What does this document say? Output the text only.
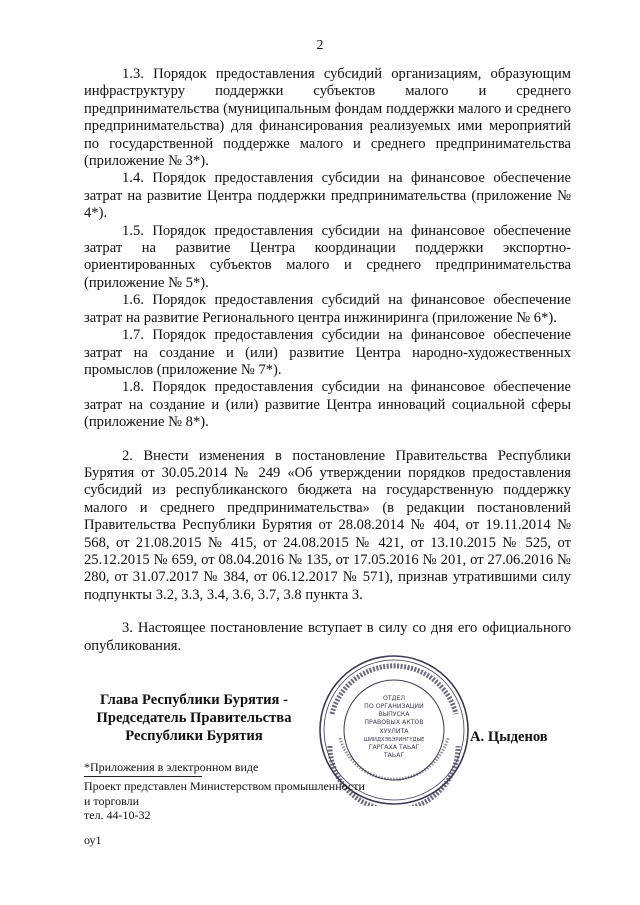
2

1.3. Порядок предоставления субсидий организациям, образующим инфраструктуру поддержки субъектов малого и среднего предпринимательства (муниципальным фондам поддержки малого и среднего предпринимательства) для финансирования реализуемых ими мероприятий по государственной поддержке малого и среднего предпринимательства (приложение № 3*).

1.4. Порядок предоставления субсидии на финансовое обеспечение затрат на развитие Центра поддержки предпринимательства (приложение № 4*).

1.5. Порядок предоставления субсидии на финансовое обеспечение затрат на развитие Центра координации поддержки экспортно-ориентированных субъектов малого и среднего предпринимательства (приложение № 5*).

1.6. Порядок предоставления субсидий на финансовое обеспечение затрат на развитие Регионального центра инжиниринга (приложение № 6*).

1.7. Порядок предоставления субсидии на финансовое обеспечение затрат на создание и (или) развитие Центра народно-художественных промыслов (приложение № 7*).

1.8. Порядок предоставления субсидии на финансовое обеспечение затрат на создание и (или) развитие Центра инноваций социальной сферы (приложение № 8*).

2. Внести изменения в постановление Правительства Республики Бурятия от 30.05.2014 № 249 «Об утверждении порядков предоставления субсидий из республиканского бюджета на государственную поддержку малого и среднего предпринимательства» (в редакции постановлений Правительства Республики Бурятия от 28.08.2014 № 404, от 19.11.2014 № 568, от 21.08.2015 № 415, от 24.08.2015 № 421, от 13.10.2015 № 525, от 25.12.2015 № 659, от 08.04.2016 № 135, от 17.05.2016 № 201, от 27.06.2016 № 280, от 31.07.2017 № 384, от 06.12.2017 № 571), признав утратившими силу подпункты 3.2, 3.3, 3.4, 3.6, 3.7, 3.8 пункта 3.

3. Настоящее постановление вступает в силу со дня его официального опубликования.

Глава Республики Бурятия -
Председатель Правительства
Республики Бурятия
ОТДЕЛ
ПО ОРГАНИЗАЦИИ
ВЫПУСКА
ПРАВОВЫХ АКТОВ
ХУУЛИТА
ШИИДХЭБЭРИНГҮДЫЕ
ГАРГАХА ТАЬАГ
ТАЬАГ
А. Цыденов
*Приложения в электронном виде
Проект представлен Министерством промышленности
и торговли
тел. 44-10-32
оу1
